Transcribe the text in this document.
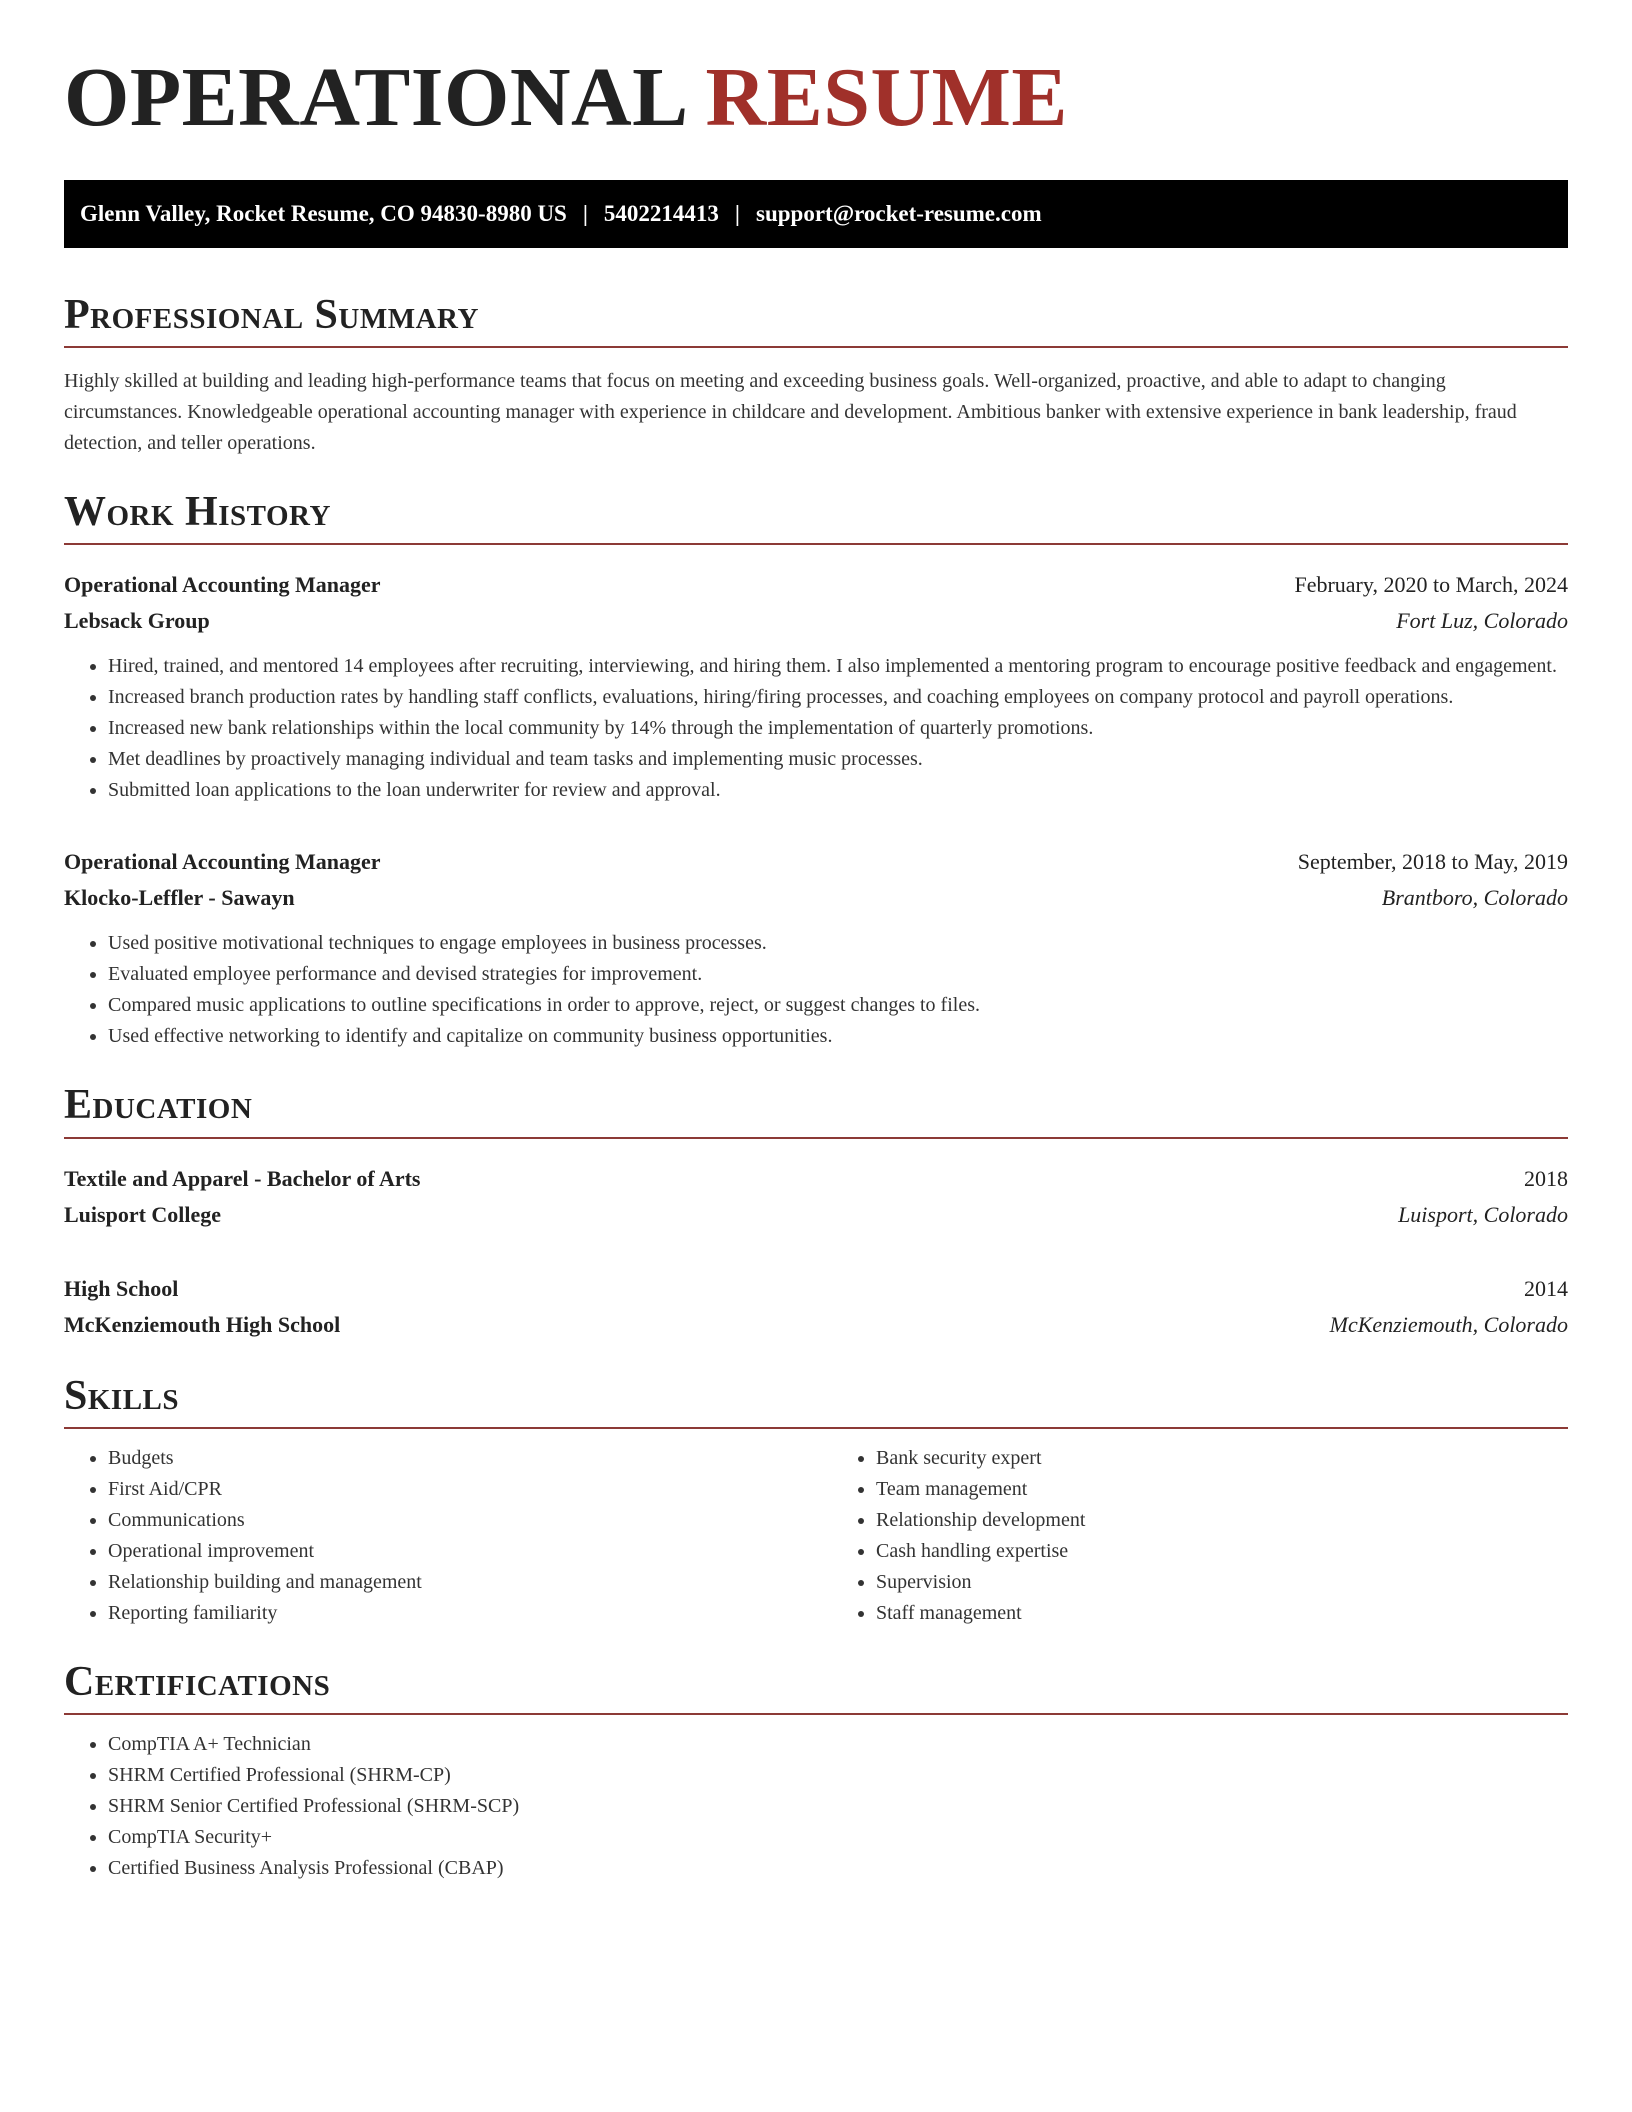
OPERATIONAL RESUME
Glenn Valley, Rocket Resume, CO 94830-8980 US | 5402214413 | support@rocket-resume.com
Professional Summary

Highly skilled at building and leading high-performance teams that focus on meeting and exceeding business goals. Well-organized, proactive, and able to adapt to changing circumstances. Knowledgeable operational accounting manager with experience in childcare and development. Ambitious banker with extensive experience in bank leadership, fraud detection, and teller operations.

Work History
Operational Accounting Manager	February, 2020 to March, 2024
Lebsack Group	Fort Luz, Colorado
• Hired, trained, and mentored 14 employees after recruiting, interviewing, and hiring them. I also implemented a mentoring program to encourage positive feedback and engagement.
• Increased branch production rates by handling staff conflicts, evaluations, hiring/firing processes, and coaching employees on company protocol and payroll operations.
• Increased new bank relationships within the local community by 14% through the implementation of quarterly promotions.
• Met deadlines by proactively managing individual and team tasks and implementing music processes.
• Submitted loan applications to the loan underwriter for review and approval.
Operational Accounting Manager	September, 2018 to May, 2019
Klocko-Leffler - Sawayn	Brantboro, Colorado
• Used positive motivational techniques to engage employees in business processes.
• Evaluated employee performance and devised strategies for improvement.
• Compared music applications to outline specifications in order to approve, reject, or suggest changes to files.
• Used effective networking to identify and capitalize on community business opportunities.
Education
Textile and Apparel - Bachelor of Arts	2018
Luisport College	Luisport, Colorado
High School	2014
McKenziemouth High School	McKenziemouth, Colorado
Skills
• Budgets
• First Aid/CPR
• Communications
• Operational improvement
• Relationship building and management
• Reporting familiarity
• Bank security expert
• Team management
• Relationship development
• Cash handling expertise
• Supervision
• Staff management
Certifications
• CompTIA A+ Technician
• SHRM Certified Professional (SHRM-CP)
• SHRM Senior Certified Professional (SHRM-SCP)
• CompTIA Security+
• Certified Business Analysis Professional (CBAP)
